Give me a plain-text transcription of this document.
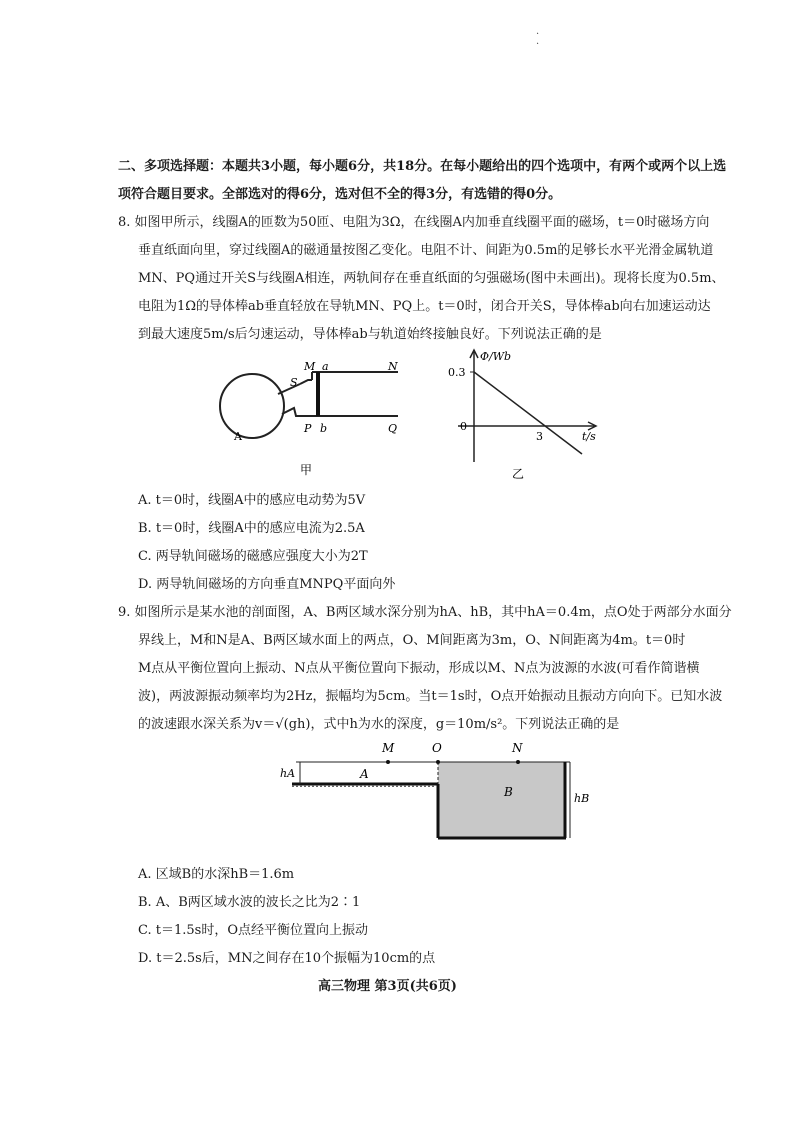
·
·
二、多项选择题：本题共3小题，每小题6分，共18分。在每小题给出的四个选项中，有两个或两个以上选
项符合题目要求。全部选对的得6分，选对但不全的得3分，有选错的得0分。
8. 如图甲所示，线圈A的匝数为50匝、电阻为3Ω，在线圈A内加垂直线圈平面的磁场，t＝0时磁场方向
垂直纸面向里，穿过线圈A的磁通量按图乙变化。电阻不计、间距为0.5m的足够长水平光滑金属轨道
MN、PQ通过开关S与线圈A相连，两轨间存在垂直纸面的匀强磁场(图中未画出)。现将长度为0.5m、
电阻为1Ω的导体棒ab垂直轻放在导轨MN、PQ上。t＝0时，闭合开关S，导体棒ab向右加速运动达
到最大速度5m/s后匀速运动，导体棒ab与轨道始终接触良好。下列说法正确的是
S
M a	N
P b	Q
A
甲
Φ/Wb
0.3
0
3	t/s
乙
A. t＝0时，线圈A中的感应电动势为5V
B. t＝0时，线圈A中的感应电流为2.5A
C. 两导轨间磁场的磁感应强度大小为2T
D. 两导轨间磁场的方向垂直MNPQ平面向外
9. 如图所示是某水池的剖面图，A、B两区域水深分别为hA、hB，其中hA＝0.4m，点O处于两部分水面分
界线上，M和N是A、B两区域水面上的两点，O、M间距离为3m，O、N间距离为4m。t＝0时
M点从平衡位置向上振动、N点从平衡位置向下振动，形成以M、N点为波源的水波(可看作简谐横
波)，两波源振动频率均为2Hz，振幅均为5cm。当t＝1s时，O点开始振动且振动方向向下。已知水波
的波速跟水深关系为v＝√(gh)，式中h为水的深度，g＝10m/s²。下列说法正确的是
M	O	N
hA	A
B	hB
A. 区域B的水深hB＝1.6m
B. A、B两区域水波的波长之比为2∶1
C. t＝1.5s时，O点经平衡位置向上振动
D. t＝2.5s后，MN之间存在10个振幅为10cm的点
高三物理 第3页(共6页)
